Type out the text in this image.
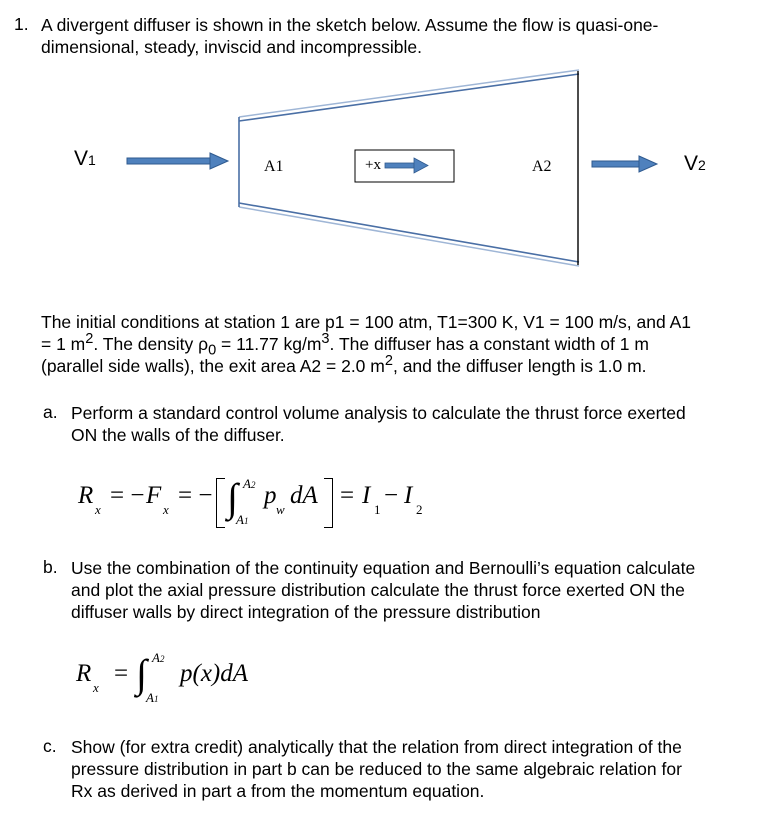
1. A divergent diffuser is shown in the sketch below. Assume the flow is quasi-one-
dimensional, steady, inviscid and incompressible.
V1	V2
A1	A2
+x
The initial conditions at station 1 are p1 = 100 atm, T1=300 K, V1 = 100 m/s, and A1
= 1 $m^2$. The density $\rho_0 = 11.77$ $kg/m^3$. The diffuser has a constant width of 1 m
(parallel side walls), the exit area A2 = 2.0 $m^2$, and the diffuser length is 1.0 m.
a. Perform a standard control volume analysis to calculate the thrust force exerted
ON the walls of the diffuser.
R
x
= − F
x
= − ∫ A2
A1
p
w
dA = I
1
− I
2
b. Use the combination of the continuity equation and Bernoulli’s equation calculate
and plot the axial pressure distribution calculate the thrust force exerted ON the
diffuser walls by direct integration of the pressure distribution
R
x
= ∫ A2
A1
p(x)dA
c. Show (for extra credit) analytically that the relation from direct integration of the
pressure distribution in part b can be reduced to the same algebraic relation for
Rx as derived in part a from the momentum equation.
